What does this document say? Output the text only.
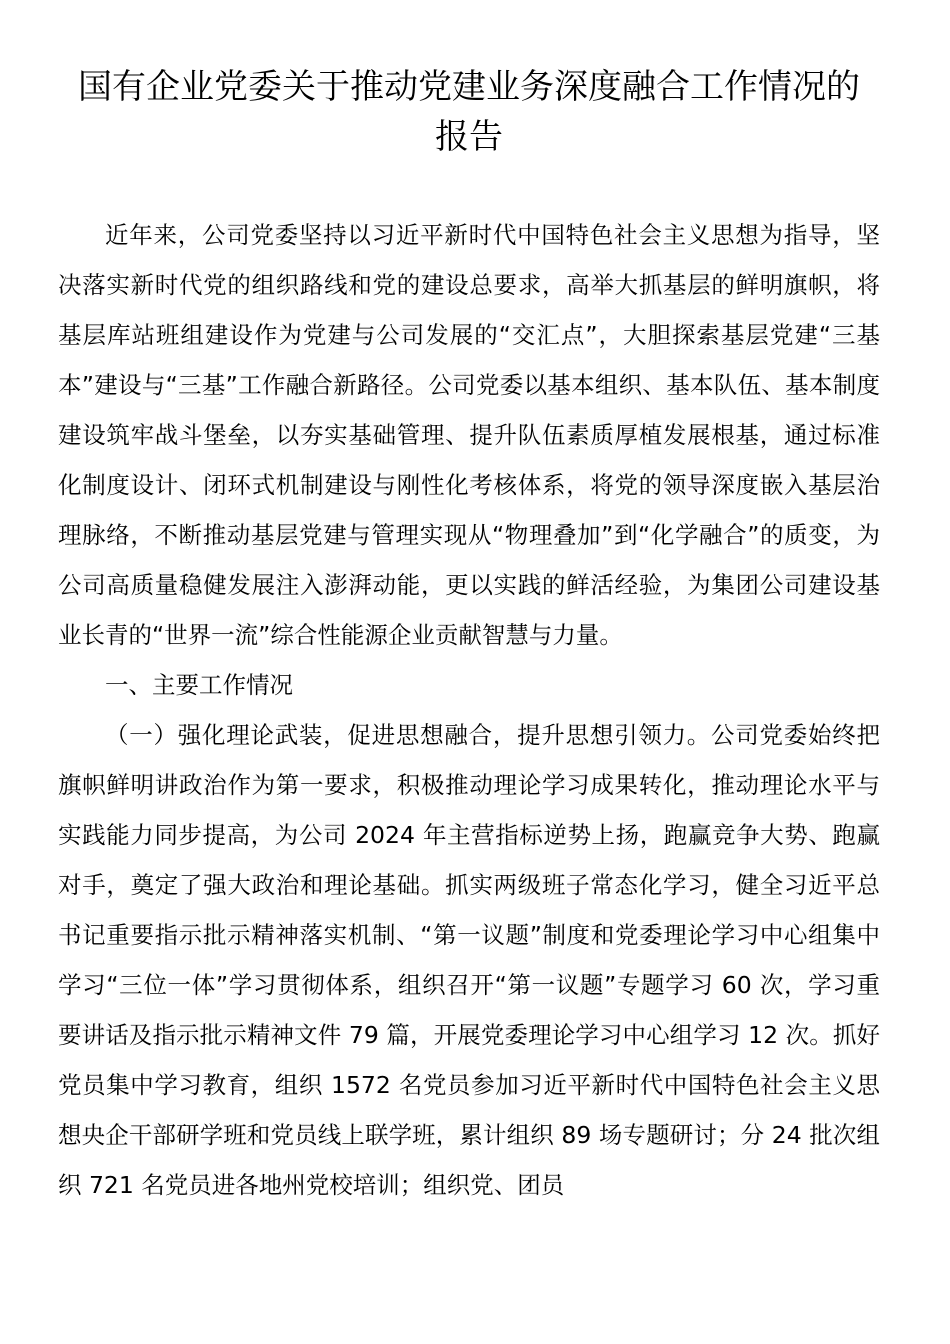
国有企业党委关于推动党建业务深度融合工作情况的
报告

近年来，公司党委坚持以习近平新时代中国特色社会主义思想为指导，坚决落实新时代党的组织路线和党的建设总要求，高举大抓基层的鲜明旗帜，将基层库站班组建设作为党建与公司发展的“交汇点”，大胆探索基层党建“三基本”建设与“三基”工作融合新路径。公司党委以基本组织、基本队伍、基本制度建设筑牢战斗堡垒，以夯实基础管理、提升队伍素质厚植发展根基，通过标准化制度设计、闭环式机制建设与刚性化考核体系，将党的领导深度嵌入基层治理脉络，不断推动基层党建与管理实现从“物理叠加”到“化学融合”的质变，为公司高质量稳健发展注入澎湃动能，更以实践的鲜活经验，为集团公司建设基业长青的“世界一流”综合性能源企业贡献智慧与力量。

一、主要工作情况

（一）强化理论武装，促进思想融合，提升思想引领力。公司党委始终把旗帜鲜明讲政治作为第一要求，积极推动理论学习成果转化，推动理论水平与实践能力同步提高，为公司 2024 年主营指标逆势上扬，跑赢竞争大势、跑赢对手，奠定了强大政治和理论基础。抓实两级班子常态化学习，健全习近平总书记重要指示批示精神落实机制、“第一议题”制度和党委理论学习中心组集中学习“三位一体”学习贯彻体系，组织召开“第一议题”专题学习 60 次，学习重要讲话及指示批示精神文件 79 篇，开展党委理论学习中心组学习 12 次。抓好党员集中学习教育，组织 1572 名党员参加习近平新时代中国特色社会主义思想央企干部研学班和党员线上联学班，累计组织 89 场专题研讨；分 24 批次组织 721 名党员进各地州党校培训；组织党、团员
